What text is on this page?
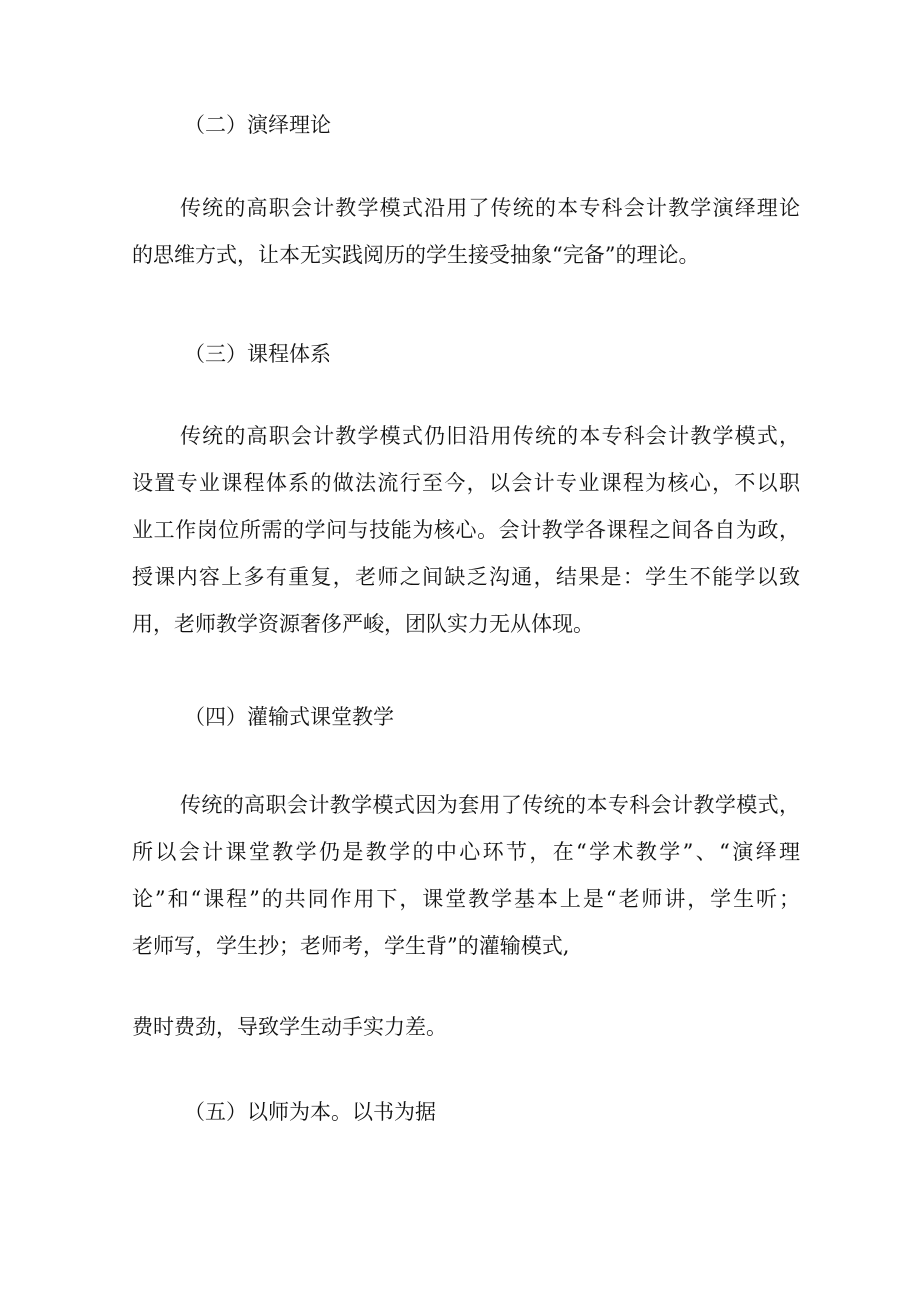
（二）演绎理论
传统的高职会计教学模式沿用了传统的本专科会计教学演绎理论
的思维方式，让本无实践阅历的学生接受抽象“完备”的理论。
（三）课程体系
传统的高职会计教学模式仍旧沿用传统的本专科会计教学模式，
设置专业课程体系的做法流行至今，以会计专业课程为核心，不以职
业工作岗位所需的学问与技能为核心。会计教学各课程之间各自为政，
授课内容上多有重复，老师之间缺乏沟通，结果是：学生不能学以致
用，老师教学资源奢侈严峻，团队实力无从体现。
（四）灌输式课堂教学
传统的高职会计教学模式因为套用了传统的本专科会计教学模式，
所以会计课堂教学仍是教学的中心环节，在“学术教学”、“演绎理
论”和“课程”的共同作用下，课堂教学基本上是“老师讲，学生听；
老师写，学生抄；老师考，学生背”的灌输模式,
费时费劲，导致学生动手实力差。
（五）以师为本。以书为据
